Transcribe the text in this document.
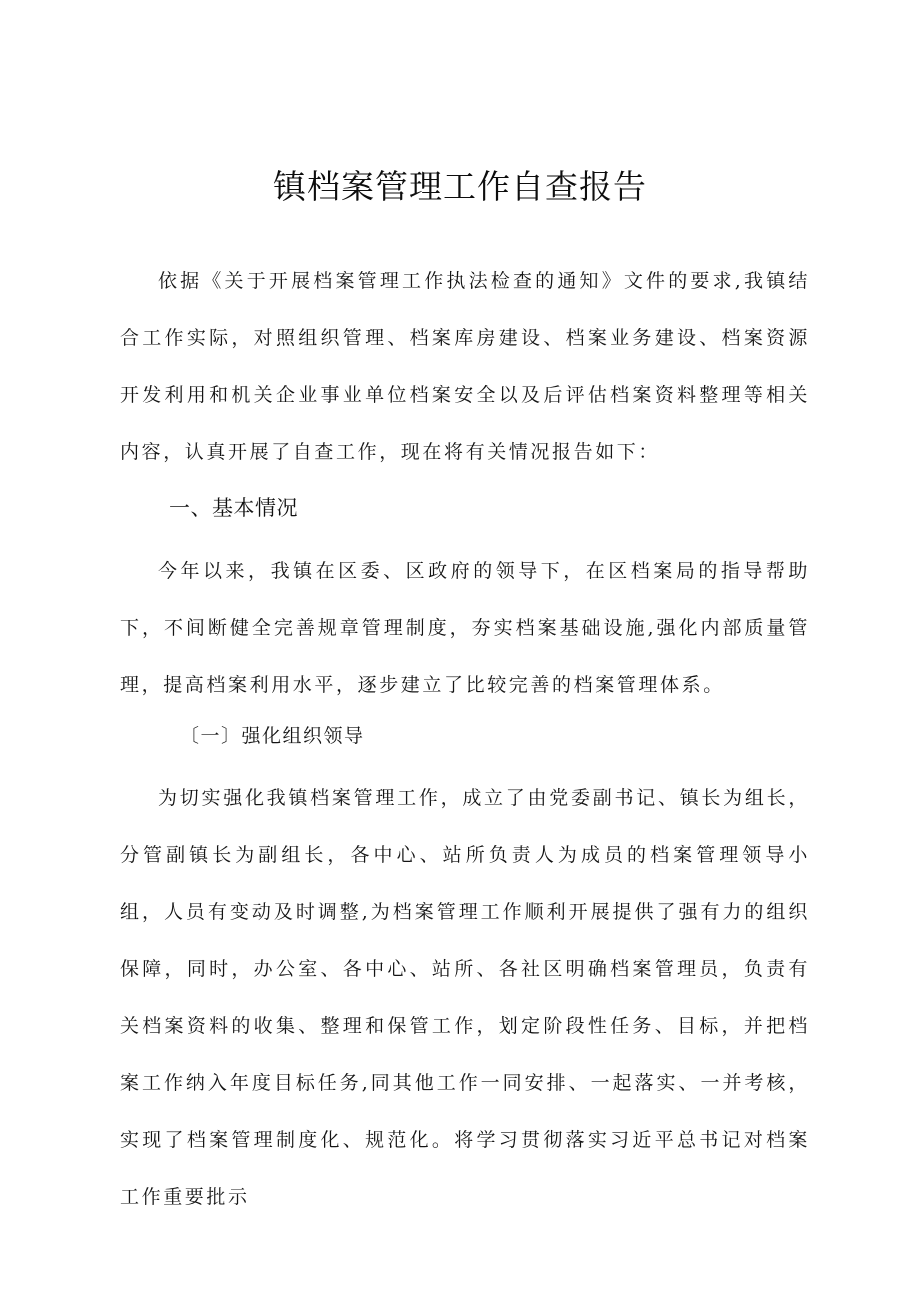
镇档案管理工作自查报告

依据《关于开展档案管理工作执法检查的通知》文件的要求,我镇结合工作实际，对照组织管理、档案库房建设、档案业务建设、档案资源开发利用和机关企业事业单位档案安全以及后评估档案资料整理等相关内容，认真开展了自查工作，现在将有关情况报告如下：

一、基本情况

今年以来，我镇在区委、区政府的领导下，在区档案局的指导帮助下，不间断健全完善规章管理制度，夯实档案基础设施,强化内部质量管理，提高档案利用水平，逐步建立了比较完善的档案管理体系。

〔一〕强化组织领导

为切实强化我镇档案管理工作，成立了由党委副书记、镇长为组长，分管副镇长为副组长，各中心、站所负责人为成员的档案管理领导小组，人员有变动及时调整,为档案管理工作顺利开展提供了强有力的组织保障，同时，办公室、各中心、站所、各社区明确档案管理员，负责有关档案资料的收集、整理和保管工作，划定阶段性任务、目标，并把档案工作纳入年度目标任务,同其他工作一同安排、一起落实、一并考核，实现了档案管理制度化、规范化。将学习贯彻落实习近平总书记对档案工作重要批示
